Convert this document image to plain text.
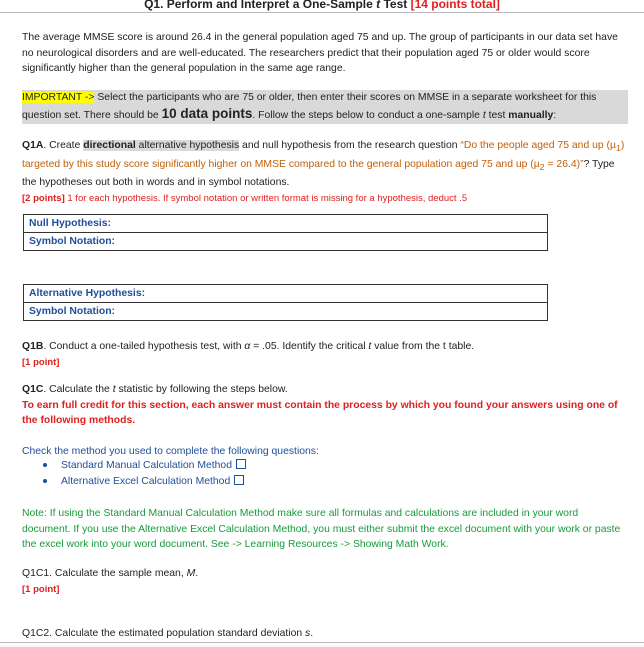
Q1. Perform and Interpret a One-Sample t Test [14 points total]
The average MMSE score is around 26.4 in the general population aged 75 and up. The group of participants in our data set have no neurological disorders and are well-educated. The researchers predict that their population aged 75 or older would score significantly higher than the general population in the same age range.
IMPORTANT -> Select the participants who are 75 or older, then enter their scores on MMSE in a separate worksheet for this question set. There should be 10 data points. Follow the steps below to conduct a one-sample t test manually:
Q1A. Create directional alternative hypothesis and null hypothesis from the research question “Do the people aged 75 and up (µ$_1$) targeted by this study score significantly higher on MMSE compared to the general population aged 75 and up (µ$_2$ = 26.4)”? Type the hypotheses out both in words and in symbol notations.
[2 points] 1 for each hypothesis. If symbol notation or written format is missing for a hypothesis, deduct .5
Null Hypothesis:
Symbol Notation:
Alternative Hypothesis:
Symbol Notation:
Q1B. Conduct a one-tailed hypothesis test, with α = .05. Identify the critical t value from the t table.
[1 point]
Q1C. Calculate the t statistic by following the steps below.
To earn full credit for this section, each answer must contain the process by which you found your answers using one of the following methods.
Check the method you used to complete the following questions:
Standard Manual Calculation Method
Alternative Excel Calculation Method
Note: If using the Standard Manual Calculation Method make sure all formulas and calculations are included in your word document. If you use the Alternative Excel Calculation Method, you must either submit the excel document with your work or paste the excel work into your word document. See -> Learning Resources -> Showing Math Work.
Q1C1. Calculate the sample mean, M.
[1 point]
Q1C2. Calculate the estimated population standard deviation s.
